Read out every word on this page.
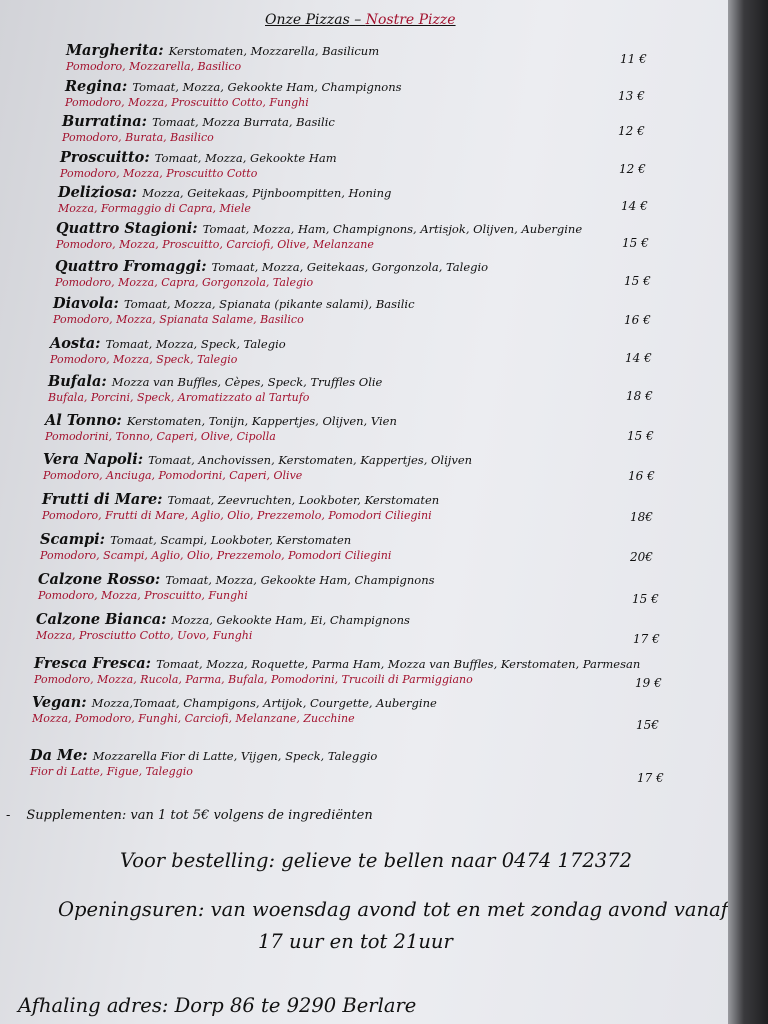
Onze Pizzas – Nostre Pizze
Margherita: Kerstomaten, Mozzarella, Basilicum
Pomodoro, Mozzarella, Basilico
11 €
Regina: Tomaat, Mozza, Gekookte Ham, Champignons
Pomodoro, Mozza, Proscuitto Cotto, Funghi	13 €
Burratina: Tomaat, Mozza Burrata, Basilic
Pomodoro, Burata, Basilico	12 €
Proscuitto: Tomaat, Mozza, Gekookte Ham
Pomodoro, Mozza, Proscuitto Cotto	12 €
Deliziosa: Mozza, Geitekaas, Pijnboompitten, Honing
Mozza, Formaggio di Capra, Miele	14 €
Quattro Stagioni: Tomaat, Mozza, Ham, Champignons, Artisjok, Olijven, Aubergine
Pomodoro, Mozza, Proscuitto, Carciofi, Olive, Melanzane	15 €
Quattro Fromaggi: Tomaat, Mozza, Geitekaas, Gorgonzola, Talegio
Pomodoro, Mozza, Capra, Gorgonzola, Talegio	15 €
Diavola: Tomaat, Mozza, Spianata (pikante salami), Basilic
Pomodoro, Mozza, Spianata Salame, Basilico	16 €
Aosta: Tomaat, Mozza, Speck, Talegio
Pomodoro, Mozza, Speck, Talegio	14 €
Bufala: Mozza van Buffles, Cèpes, Speck, Truffles Olie
Bufala, Porcini, Speck, Aromatizzato al Tartufo	18 €
Al Tonno: Kerstomaten, Tonijn, Kappertjes, Olijven, Vien
Pomodorini, Tonno, Caperi, Olive, Cipolla	15 €
Vera Napoli: Tomaat, Anchovissen, Kerstomaten, Kappertjes, Olijven
Pomodoro, Anciuga, Pomodorini, Caperi, Olive	16 €
Frutti di Mare: Tomaat, Zeevruchten, Lookboter, Kerstomaten
Pomodoro, Frutti di Mare, Aglio, Olio, Prezzemolo, Pomodori Ciliegini	18€
Scampi: Tomaat, Scampi, Lookboter, Kerstomaten
Pomodoro, Scampi, Aglio, Olio, Prezzemolo, Pomodori Ciliegini	20€
Calzone Rosso: Tomaat, Mozza, Gekookte Ham, Champignons
Pomodoro, Mozza, Proscuitto, Funghi	15 €
Calzone Bianca: Mozza, Gekookte Ham, Ei, Champignons
Mozza, Prosciutto Cotto, Uovo, Funghi	17 €
Fresca Fresca: Tomaat, Mozza, Roquette, Parma Ham, Mozza van Buffles, Kerstomaten, Parmesan
Pomodoro, Mozza, Rucola, Parma, Bufala, Pomodorini, Trucoili di Parmiggiano	19 €
Vegan: Mozza,Tomaat, Champigons, Artijok, Courgette, Aubergine
Mozza, Pomodoro, Funghi, Carciofi, Melanzane, Zucchine	15€
Da Me: Mozzarella Fior di Latte, Vijgen, Speck, Taleggio
Fior di Latte, Figue, Taleggio	17 €
- Supplementen: van 1 tot 5€ volgens de ingrediënten
Voor bestelling: gelieve te bellen naar 0474 172372
Openingsuren: van woensdag avond tot en met zondag avond vanaf
17 uur en tot 21uur
Afhaling adres: Dorp 86 te 9290 Berlare
